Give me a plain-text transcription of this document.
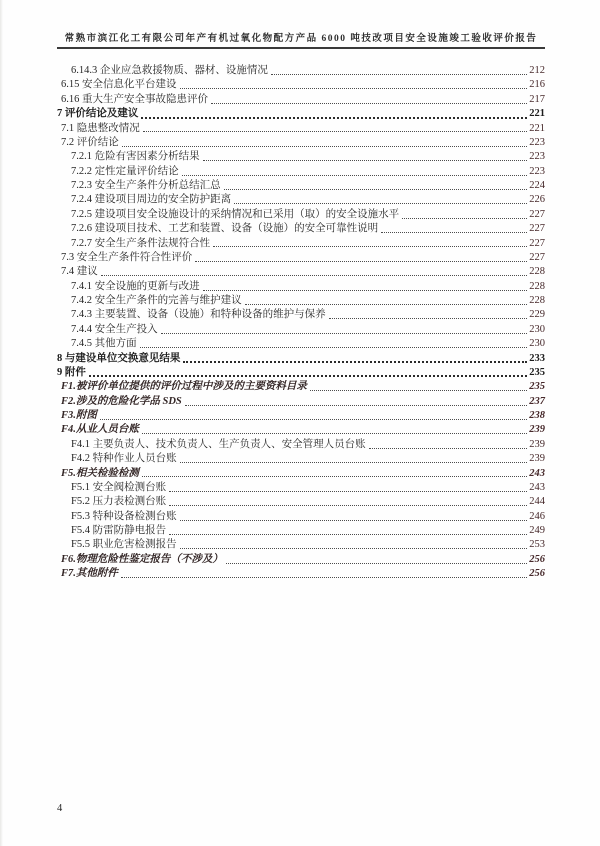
常熟市滨江化工有限公司年产有机过氧化物配方产品 6000 吨技改项目安全设施竣工验收评价报告
6.14.3 企业应急救援物质、器材、设施情况	212
6.15 安全信息化平台建设	216
6.16 重大生产安全事故隐患评价	217
7 评价结论及建议	221
7.1 隐患整改情况	221
7.2 评价结论	223
7.2.1 危险有害因素分析结果	223
7.2.2 定性定量评价结论	223
7.2.3 安全生产条件分析总结汇总	224
7.2.4 建设项目周边的安全防护距离	226
7.2.5 建设项目安全设施设计的采纳情况和已采用（取）的安全设施水平	227
7.2.6 建设项目技术、工艺和装置、设备（设施）的安全可靠性说明	227
7.2.7 安全生产条件法规符合性	227
7.3 安全生产条件符合性评价	227
7.4 建议	228
7.4.1 安全设施的更新与改进	228
7.4.2 安全生产条件的完善与维护建议	228
7.4.3 主要装置、设备（设施）和特种设备的维护与保养	229
7.4.4 安全生产投入	230
7.4.5 其他方面	230
8 与建设单位交换意见结果	233
9 附件	235
F1.被评价单位提供的评价过程中涉及的主要资料目录	235
F2.涉及的危险化学品 SDS	237
F3.附图	238
F4.从业人员台账	239
F4.1 主要负责人、技术负责人、生产负责人、安全管理人员台账	239
F4.2 特种作业人员台账	239
F5.相关检验检测	243
F5.1 安全阀检测台账	243
F5.2 压力表检测台账	244
F5.3 特种设备检测台账	246
F5.4 防雷防静电报告	249
F5.5 职业危害检测报告	253
F6.物理危险性鉴定报告（不涉及）	256
F7.其他附件	256
4
